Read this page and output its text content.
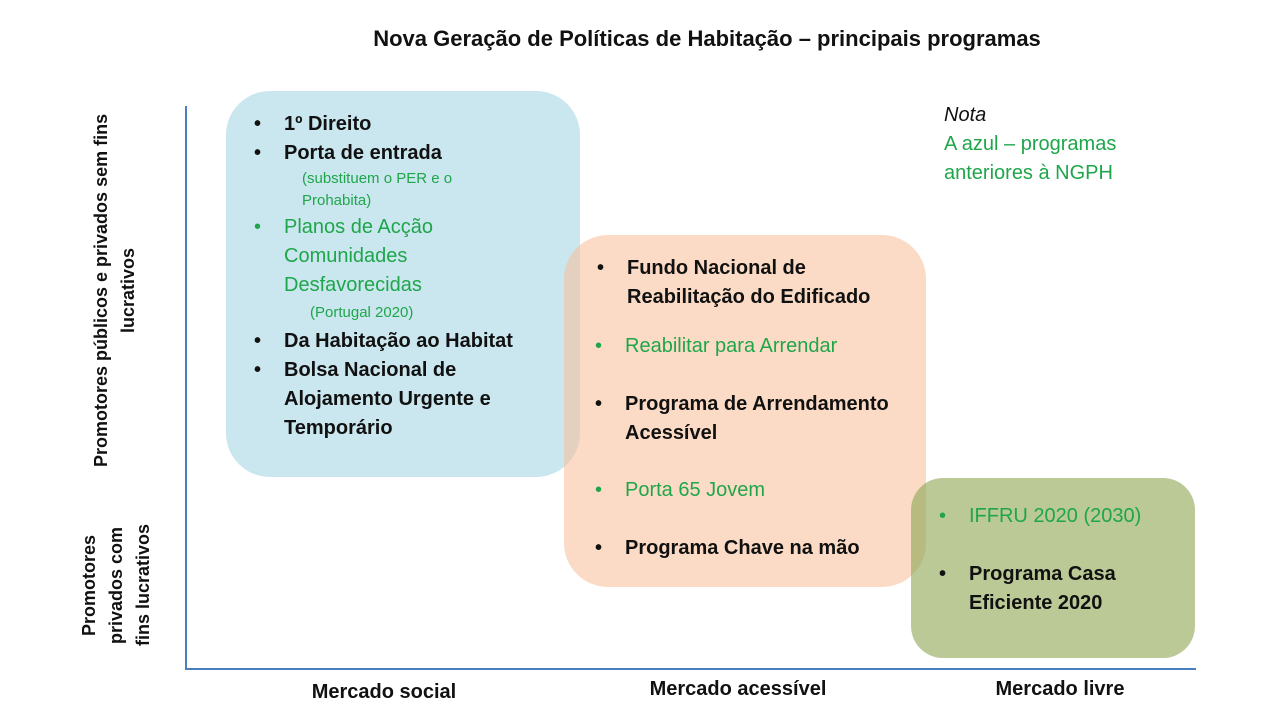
Nova Geração de Políticas de Habitação – principais programas
Promotores públicos e privados sem fins lucrativos
Promotores privados com fins lucrativos
Mercado social	Mercado acessível	Mercado livre
• 1º Direito
• Porta de entrada
(substituem o PER e o Prohabita)
• Planos de Acção Comunidades Desfavorecidas
(Portugal 2020)
• Da Habitação ao Habitat
• Bolsa Nacional de Alojamento Urgente e Temporário
• Fundo Nacional de Reabilitação do Edificado
• Reabilitar para Arrendar
• Programa de Arrendamento Acessível
• Porta 65 Jovem
• Programa Chave na mão
• IFFRU 2020 (2030)
• Programa Casa Eficiente 2020
Nota
A azul – programas anteriores à NGPH
